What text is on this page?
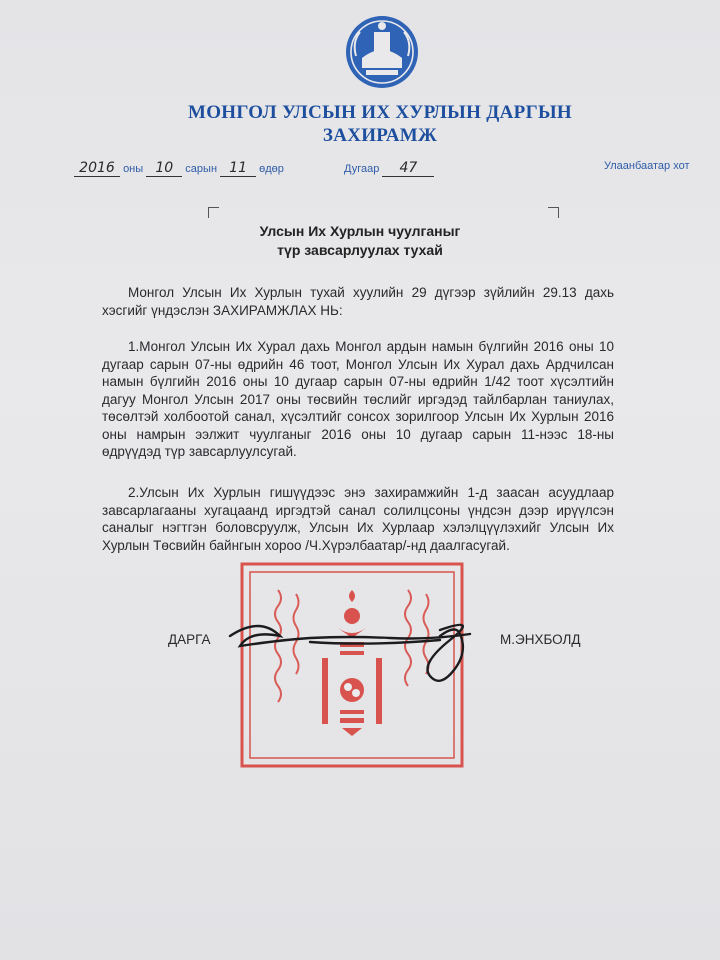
МОНГОЛ УЛСЫН ИХ ХУРЛЫН ДАРГЫН
ЗАХИРАМЖ
2016 оны 10 сарын 11 өдөр	Дугаар 47	Улаанбаатар хот
Улсын Их Хурлын чуулганыг
түр завсарлуулах тухай
Монгол Улсын Их Хурлын тухай хуулийн 29 дүгээр зүйлийн 29.13 дахь хэсгийг үндэслэн ЗАХИРАМЖЛАХ НЬ:
1.Монгол Улсын Их Хурал дахь Монгол ардын намын бүлгийн 2016 оны 10 дугаар сарын 07-ны өдрийн 46 тоот, Монгол Улсын Их Хурал дахь Ардчилсан намын бүлгийн 2016 оны 10 дугаар сарын 07-ны өдрийн 1/42 тоот хүсэлтийн дагуу Монгол Улсын 2017 оны төсвийн төслийг иргэдэд тайлбарлан таниулах, төсөлтэй холбоотой санал, хүсэлтийг сонсох зорилгоор Улсын Их Хурлын 2016 оны намрын ээлжит чуулганыг 2016 оны 10 дугаар сарын 11-нээс 18-ны өдрүүдэд түр завсарлуулсугай.
2.Улсын Их Хурлын гишүүдээс энэ захирамжийн 1-д заасан асуудлаар завсарлагааны хугацаанд иргэдтэй санал солилцсоны үндсэн дээр ирүүлсэн саналыг нэгтгэн боловсруулж, Улсын Их Хурлаар хэлэлцүүлэхийг Улсын Их Хурлын Төсвийн байнгын хороо /Ч.Хүрэлбаатар/-нд даалгасугай.
ДАРГА	М.ЭНХБОЛД
